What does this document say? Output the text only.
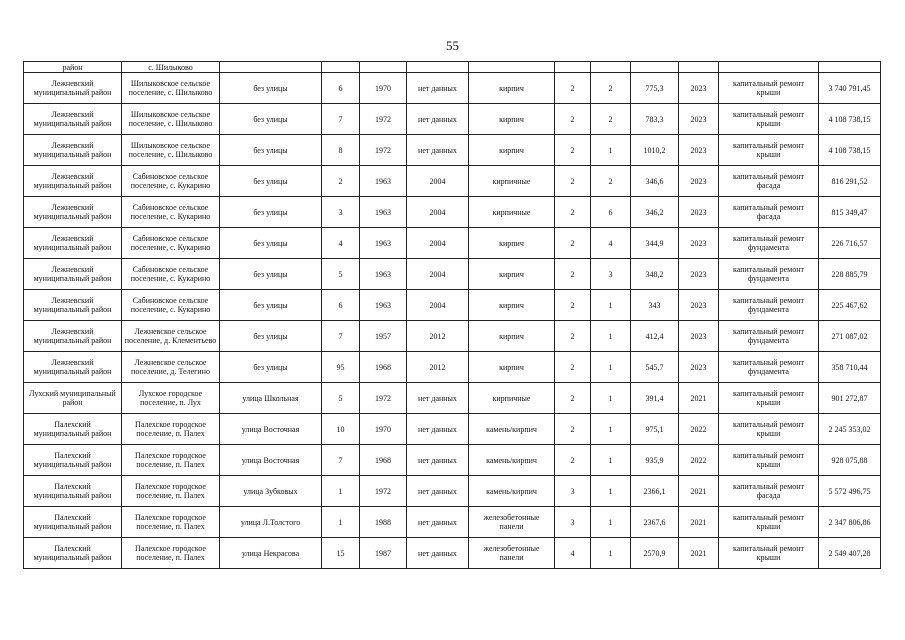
55
район	с. Шилыково											
Лежневский муниципальный район	Шилыковское сельское поселение, с. Шилыково	без улицы	6	1970	нет данных	кирпич	2	2	775,3	2023	капитальный ремонт крыши	3 740 791,45
Лежневский муниципальный район	Шилыковское сельское поселение, с. Шилыково	без улицы	7	1972	нет данных	кирпич	2	2	783,3	2023	капитальный ремонт крыши	4 108 738,15
Лежневский муниципальный район	Шилыковское сельское поселение, с. Шилыково	без улицы	8	1972	нет данных	кирпич	2	1	1010,2	2023	капитальный ремонт крыши	4 108 738,15
Лежневский муниципальный район	Сабиновское сельское поселение, с. Кукарино	без улицы	2	1963	2004	кирпичные	2	2	346,6	2023	капитальный ремонт фасада	816 291,52
Лежневский муниципальный район	Сабиновское сельское поселение, с. Кукарино	без улицы	3	1963	2004	кирпичные	2	6	346,2	2023	капитальный ремонт фасада	815 349,47
Лежневский муниципальный район	Сабиновское сельское поселение, с. Кукарино	без улицы	4	1963	2004	кирпич	2	4	344,9	2023	капитальный ремонт фундамента	226 716,57
Лежневский муниципальный район	Сабиновское сельское поселение, с. Кукарино	без улицы	5	1963	2004	кирпич	2	3	348,2	2023	капитальный ремонт фундамента	228 885,79
Лежневский муниципальный район	Сабиновское сельское поселение, с. Кукарино	без улицы	6	1963	2004	кирпич	2	1	343	2023	капитальный ремонт фундамента	225 467,62
Лежневский муниципальный район	Лежневское сельское поселение, д. Клементьево	без улицы	7	1957	2012	кирпич	2	1	412,4	2023	капитальный ремонт фундамента	271 087,02
Лежневский муниципальный район	Лежневское сельское поселение, д. Телегино	без улицы	95	1968	2012	кирпич	2	1	545,7	2023	капитальный ремонт фундамента	358 710,44
Лухский муниципальный район	Лухское городское поселение, п. Лух	улица Школьная	5	1972	нет данных	кирпичные	2	1	391,4	2021	капитальный ремонт крыши	901 272,87
Палехский муниципальный район	Палехское городское поселение, п. Палех	улица Восточная	10	1970	нет данных	камень/кирпич	2	1	975,1	2022	капитальный ремонт крыши	2 245 353,02
Палехский муниципальный район	Палехское городское поселение, п. Палех	улица Восточная	7	1968	нет данных	камень/кирпич	2	1	935,9	2022	капитальный ремонт крыши	928 075,88
Палехский муниципальный район	Палехское городское поселение, п. Палех	улица Зубковых	1	1972	нет данных	камень/кирпич	3	1	2366,1	2021	капитальный ремонт фасада	5 572 496,75
Палехский муниципальный район	Палехское городское поселение, п. Палех	улица Л.Толстого	1	1988	нет данных	железобетонные панели	3	1	2367,6	2021	капитальный ремонт крыши	2 347 806,86
Палехский муниципальный район	Палехское городское поселение, п. Палех	улица Некрасова	15	1987	нет данных	железобетонные панели	4	1	2570,9	2021	капитальный ремонт крыши	2 549 407,28
